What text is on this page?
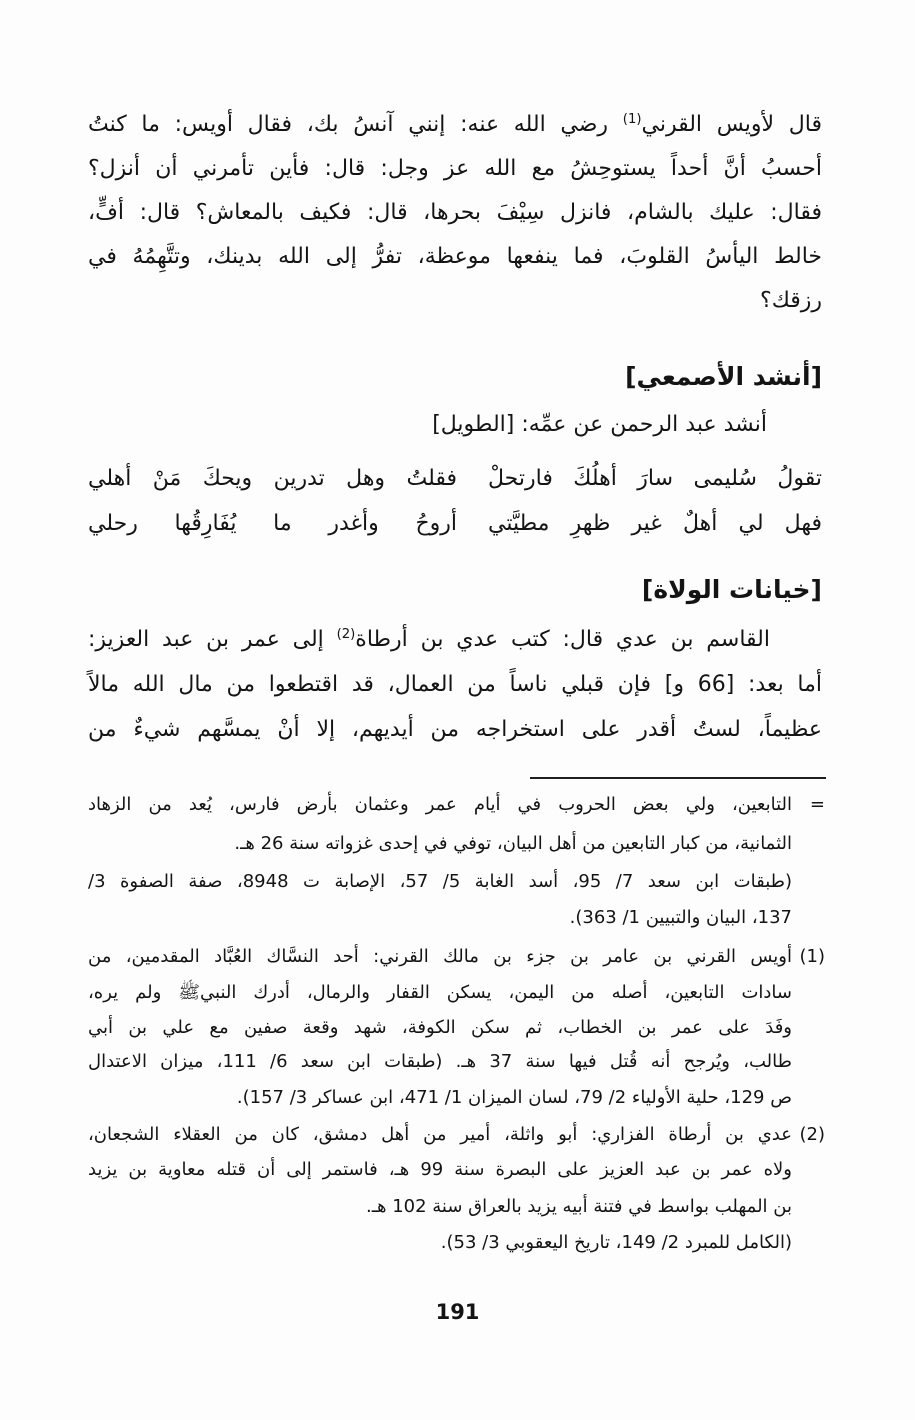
قال لأويس القرني$^{(1)}$ رضي الله عنه: إنني آنسُ بك، فقال أويس: ما كنتُ
أحسبُ أنَّ أحداً يستوحِشُ مع الله عز وجل: قال: فأين تأمرني أن أنزل؟
فقال: عليك بالشام، فانزل سِيْفَ بحرها، قال: فكيف بالمعاش؟ قال: أفٍّ،
خالط اليأسُ القلوبَ، فما ينفعها موعظة، تفرُّ إلى الله بدينك، وتتَّهِمُهُ في
رزقك؟
[أنشد الأصمعي]
أنشد عبد الرحمن عن عمِّه: [الطويل]
تقولُ سُليمى سارَ أهلُكَ فارتحلْ
فقلتُ وهل تدرين ويحكَ مَنْ أهلي
فهل لي أهلٌ غير ظهرِ مطيَّتي
أروحُ وأغدر ما يُفَارِقُها رحلي
[خيانات الولاة]
القاسم بن عدي قال: كتب عدي بن أرطاة$^{(2)}$ إلى عمر بن عبد العزيز:
أما بعد: [66 و] فإن قبلي ناساً من العمال، قد اقتطعوا من مال الله مالاً
عظيماً، لستُ أقدر على استخراجه من أيديهم، إلا أنْ يمسَّهم شيءٌ من
=
التابعين، ولي بعض الحروب في أيام عمر وعثمان بأرض فارس، يُعد من الزهاد
الثمانية، من كبار التابعين من أهل البيان، توفي في إحدى غزواته سنة 26 هـ.
(طبقات ابن سعد 7/ 95، أسد الغابة 5/ 57، الإصابة ت 8948، صفة الصفوة 3/
137، البيان والتبيين 1/ 363).
(1)
أويس القرني بن عامر بن جزء بن مالك القرني: أحد النسَّاك العُبَّاد المقدمين، من
سادات التابعين، أصله من اليمن، يسكن القفار والرمال، أدرك النبيﷺ ولم يره،
وفَدَ على عمر بن الخطاب، ثم سكن الكوفة، شهد وقعة صفين مع علي بن أبي
طالب، ويُرجح أنه قُتل فيها سنة 37 هـ. (طبقات ابن سعد 6/ 111، ميزان الاعتدال
ص 129، حلية الأولياء 2/ 79، لسان الميزان 1/ 471، ابن عساكر 3/ 157).
(2)
عدي بن أرطاة الفزاري: أبو واثلة، أمير من أهل دمشق، كان من العقلاء الشجعان،
ولاه عمر بن عبد العزيز على البصرة سنة 99 هـ، فاستمر إلى أن قتله معاوية بن يزيد
بن المهلب بواسط في فتنة أبيه يزيد بالعراق سنة 102 هـ.
(الكامل للمبرد 2/ 149، تاريخ اليعقوبي 3/ 53).
191
